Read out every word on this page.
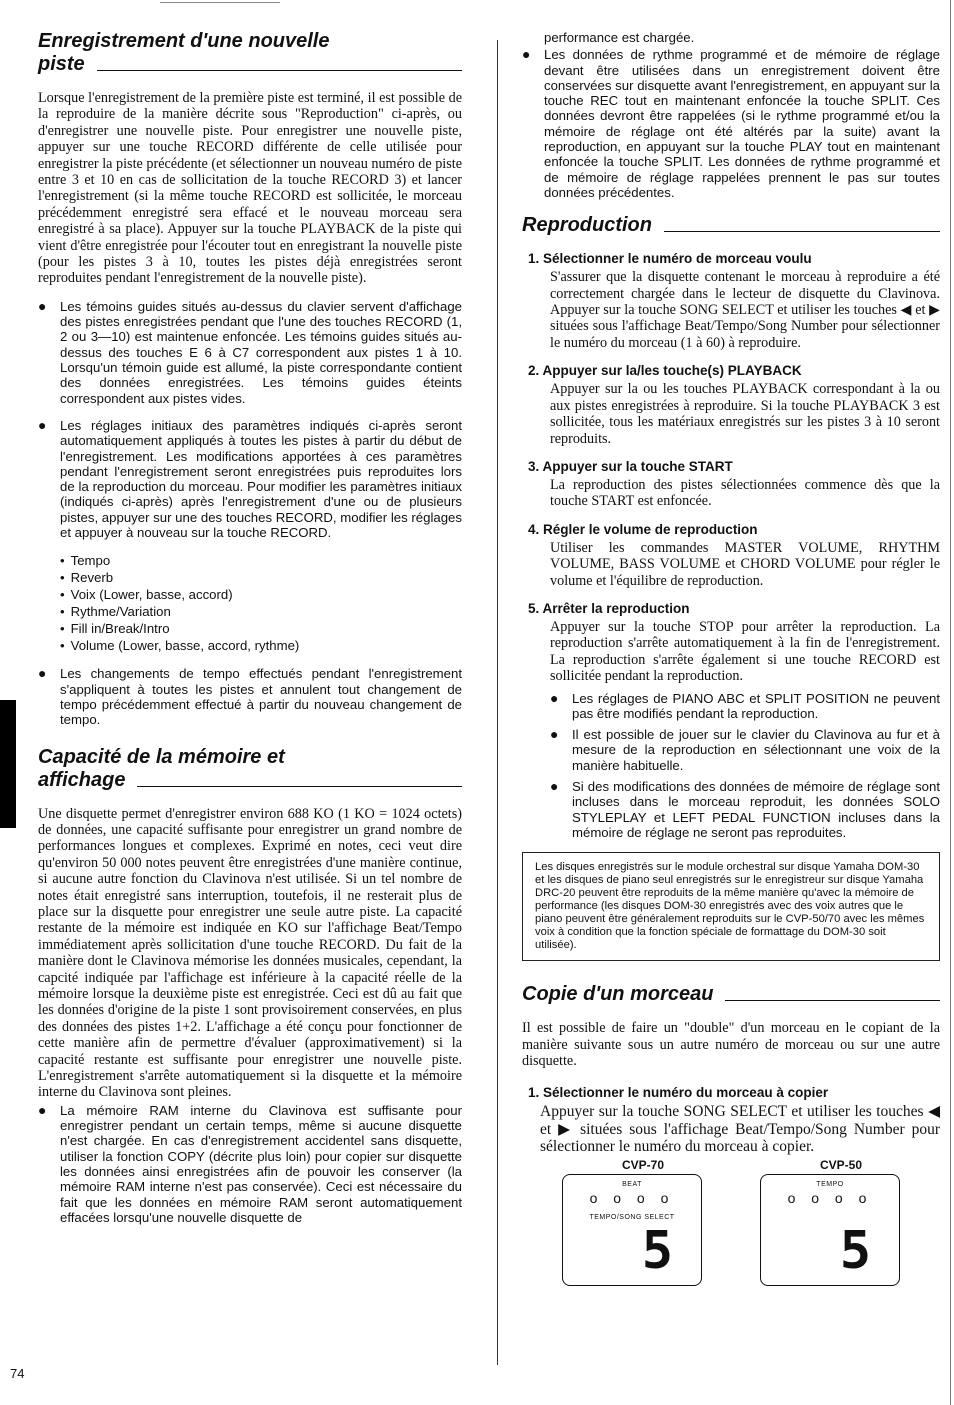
Enregistrement d'une nouvelle
piste

Lorsque l'enregistrement de la première piste est terminé, il est possible de la reproduire de la manière décrite sous "Reproduction" ci-après, ou d'enregistrer une nouvelle piste. Pour enregistrer une nouvelle piste, appuyer sur une touche RECORD différente de celle utilisée pour enregistrer la piste précédente (et sélectionner un nouveau numéro de piste entre 3 et 10 en cas de sollicitation de la touche RECORD 3) et lancer l'enregistrement (si la même touche RECORD est sollicitée, le morceau précédemment enregistré sera effacé et le nouveau morceau sera enregistré à sa place). Appuyer sur la touche PLAYBACK de la piste qui vient d'être enregistrée pour l'écouter tout en enregistrant la nouvelle piste (pour les pistes 3 à 10, toutes les pistes déjà enregistrées seront reproduites pendant l'enregistrement de la nouvelle piste).

●	Les témoins guides situés au-dessus du clavier servent d'affichage des pistes enregistrées pendant que l'une des touches RECORD (1, 2 ou 3—10) est maintenue enfoncée. Les témoins guides situés au-dessus des touches E 6 à C7 correspondent aux pistes 1 à 10. Lorsqu'un témoin guide est allumé, la piste correspondante contient des données enregistrées. Les témoins guides éteints correspondent aux pistes vides.

●	Les réglages initiaux des paramètres indiqués ci-après seront automatiquement appliqués à toutes les pistes à partir du début de l'enregistrement. Les modifications apportées à ces paramètres pendant l'enregistrement seront enregistrées puis reproduites lors de la reproduction du morceau. Pour modifier les paramètres initiaux (indiqués ci-après) après l'enregistrement d'une ou de plusieurs pistes, appuyer sur une des touches RECORD, modifier les réglages et appuyer à nouveau sur la touche RECORD.

• Tempo
• Reverb
• Voix (Lower, basse, accord)
• Rythme/Variation
• Fill in/Break/Intro
• Volume (Lower, basse, accord, rythme)
●	Les changements de tempo effectués pendant l'enregistrement s'appliquent à toutes les pistes et annulent tout changement de tempo précédemment effectué à partir du nouveau changement de tempo.

Capacité de la mémoire et
affichage

Une disquette permet d'enregistrer environ 688 KO (1 KO = 1024 octets) de données, une capacité suffisante pour enregistrer un grand nombre de performances longues et complexes. Exprimé en notes, ceci veut dire qu'environ 50 000 notes peuvent être enregistrées d'une manière continue, si aucune autre fonction du Clavinova n'est utilisée. Si un tel nombre de notes était enregistré sans interruption, toutefois, il ne resterait plus de place sur la disquette pour enregistrer une seule autre piste. La capacité restante de la mémoire est indiquée en KO sur l'affichage Beat/Tempo immédiatement après sollicitation d'une touche RECORD. Du fait de la manière dont le Clavinova mémorise les données musicales, cependant, la capcité indiquée par l'affichage est inférieure à la capacité réelle de la mémoire lorsque la deuxième piste est enregistrée. Ceci est dû au fait que les données d'origine de la piste 1 sont provisoirement conservées, en plus des données des pistes 1+2. L'affichage a été conçu pour fonctionner de cette manière afin de permettre d'évaluer (approximativement) si la capacité restante est suffisante pour enregistrer une nouvelle piste. L'enregistrement s'arrête automatiquement si la disquette et la mémoire interne du Clavinova sont pleines.

●	La mémoire RAM interne du Clavinova est suffisante pour enregistrer pendant un certain temps, même si aucune disquette n'est chargée. En cas d'enregistrement accidentel sans disquette, utiliser la fonction COPY (décrite plus loin) pour copier sur disquette les données ainsi enregistrées afin de pouvoir les conserver (la mémoire RAM interne n'est pas conservée). Ceci est nécessaire du fait que les données en mémoire RAM seront automatiquement effacées lorsqu'une nouvelle disquette de

performance est chargée.

●	Les données de rythme programmé et de mémoire de réglage devant être utilisées dans un enregistrement doivent être conservées sur disquette avant l'enregistrement, en appuyant sur la touche REC tout en maintenant enfoncée la touche SPLIT. Ces données devront être rappelées (si le rythme programmé et/ou la mémoire de réglage ont été altérés par la suite) avant la reproduction, en appuyant sur la touche PLAY tout en maintenant enfoncée la touche SPLIT. Les données de rythme programmé et de mémoire de réglage rappelées prennent le pas sur toutes données précédentes.

Reproduction

1. Sélectionner le numéro de morceau voulu

S'assurer que la disquette contenant le morceau à reproduire a été correctement chargée dans le lecteur de disquette du Clavinova. Appuyer sur la touche SONG SELECT et utiliser les touches ◀ et ▶ situées sous l'affichage Beat/Tempo/Song Number pour sélectionner le numéro du morceau (1 à 60) à reproduire.

2. Appuyer sur la/les touche(s) PLAYBACK

Appuyer sur la ou les touches PLAYBACK correspondant à la ou aux pistes enregistrées à reproduire. Si la touche PLAYBACK 3 est sollicitée, tous les matériaux enregistrés sur les pistes 3 à 10 seront reproduits.

3. Appuyer sur la touche START

La reproduction des pistes sélectionnées commence dès que la touche START est enfoncée.

4. Régler le volume de reproduction

Utiliser les commandes MASTER VOLUME, RHYTHM VOLUME, BASS VOLUME et CHORD VOLUME pour régler le volume et l'équilibre de reproduction.

5. Arrêter la reproduction

Appuyer sur la touche STOP pour arrêter la reproduction. La reproduction s'arrête automatiquement à la fin de l'enregistrement. La reproduction s'arrête également si une touche RECORD est sollicitée pendant la reproduction.

●	Les réglages de PIANO ABC et SPLIT POSITION ne peuvent pas être modifiés pendant la reproduction.

●	Il est possible de jouer sur le clavier du Clavinova au fur et à mesure de la reproduction en sélectionnant une voix de la manière habituelle.

●	Si des modifications des données de mémoire de réglage sont incluses dans le morceau reproduit, les données SOLO STYLEPLAY et LEFT PEDAL FUNCTION incluses dans la mémoire de réglage ne seront pas reproduites.

Les disques enregistrés sur le module orchestral sur disque Yamaha DOM-30 et les disques de piano seul enregistrés sur le enregistreur sur disque Yamaha DRC-20 peuvent être reproduits de la même manière qu'avec la mémoire de performance (les disques DOM-30 enregistrés avec des voix autres que le piano peuvent être généralement reproduits sur le CVP-50/70 avec les mêmes voix à condition que la fonction spéciale de formattage du DOM-30 soit utilisée).
Copie d'un morceau

Il est possible de faire un "double" d'un morceau en le copiant de la manière suivante sous un autre numéro de morceau ou sur une autre disquette.

1. Sélectionner le numéro du morceau à copier

Appuyer sur la touche SONG SELECT et utiliser les touches ◀ et ▶ situées sous l'affichage Beat/Tempo/Song Number pour sélectionner le numéro du morceau à copier.

CVP-70
BEAT
o o o o
TEMPO/SONG SELECT
5
CVP-50
TEMPO
o o o o
5
74
